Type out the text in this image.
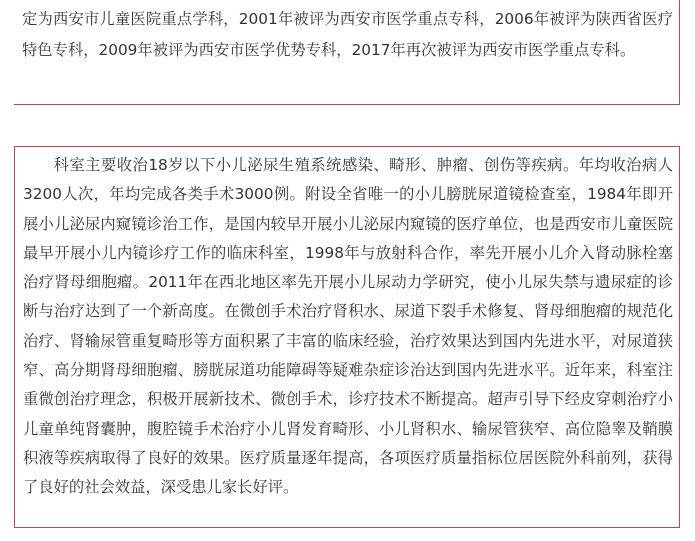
定为西安市儿童医院重点学科，2001年被评为西安市医学重点专科，2006年被评为陕西省医疗特色专科，2009年被评为西安市医学优势专科，2017年再次被评为西安市医学重点专科。

科室主要收治18岁以下小儿泌尿生殖系统感染、畸形、肿瘤、创伤等疾病。年均收治病人3200人次，年均完成各类手术3000例。附设全省唯一的小儿膀胱尿道镜检查室，1984年即开展小儿泌尿内窥镜诊治工作，是国内较早开展小儿泌尿内窥镜的医疗单位，也是西安市儿童医院最早开展小儿内镜诊疗工作的临床科室，1998年与放射科合作，率先开展小儿介入肾动脉栓塞治疗肾母细胞瘤。2011年在西北地区率先开展小儿尿动力学研究，使小儿尿失禁与遗尿症的诊断与治疗达到了一个新高度。在微创手术治疗肾积水、尿道下裂手术修复、肾母细胞瘤的规范化治疗、肾输尿管重复畸形等方面积累了丰富的临床经验，治疗效果达到国内先进水平，对尿道狭窄、高分期肾母细胞瘤、膀胱尿道功能障碍等疑难杂症诊治达到国内先进水平。近年来，科室注重微创治疗理念，积极开展新技术、微创手术，诊疗技术不断提高。超声引导下经皮穿刺治疗小儿童单纯肾囊肿，腹腔镜手术治疗小儿肾发育畸形、小儿肾积水、输尿管狭窄、高位隐睾及鞘膜积液等疾病取得了良好的效果。医疗质量逐年提高，各项医疗质量指标位居医院外科前列，获得了良好的社会效益，深受患儿家长好评。
